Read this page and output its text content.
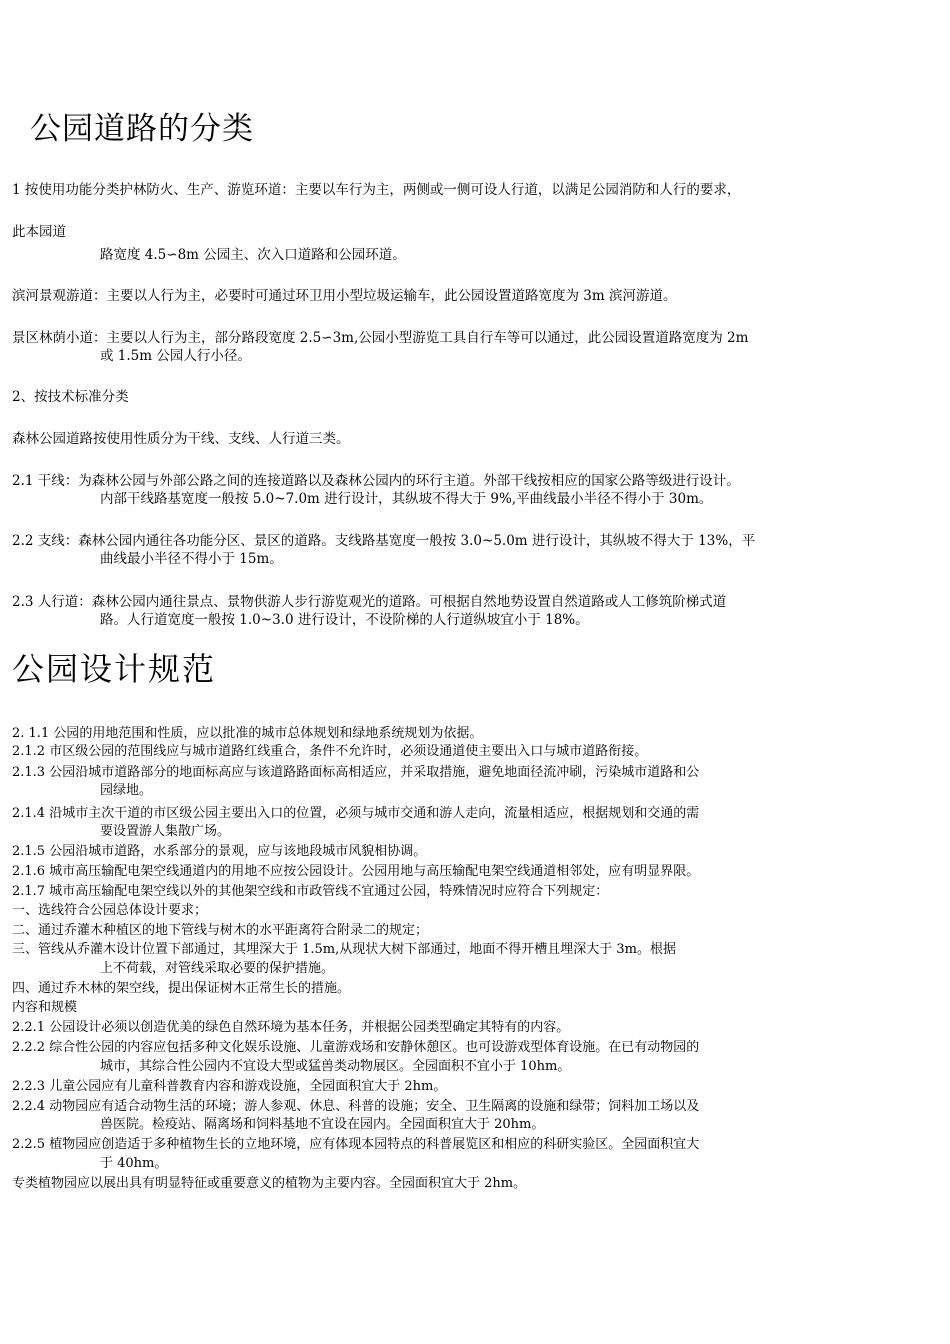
公园道路的分类

1 按使用功能分类护林防火、生产、游览环道：主要以车行为主，两侧或一侧可设人行道，以满足公园消防和人行的要求，

此本园道

路宽度 4.5∽8m 公园主、次入口道路和公园环道。

滨河景观游道：主要以人行为主，必要时可通过环卫用小型垃圾运输车，此公园设置道路宽度为 3m 滨河游道。

景区林荫小道：主要以人行为主，部分路段宽度 2.5∽3m,公园小型游览工具自行车等可以通过，此公园设置道路宽度为 2m

或 1.5m 公园人行小径。

2、按技术标准分类

森林公园道路按使用性质分为干线、支线、人行道三类。

2.1 干线：为森林公园与外部公路之间的连接道路以及森林公园内的环行主道。外部干线按相应的国家公路等级进行设计。

内部干线路基宽度一般按 5.0~7.0m 进行设计，其纵坡不得大于 9%,平曲线最小半径不得小于 30m。

2.2 支线：森林公园内通往各功能分区、景区的道路。支线路基宽度一般按 3.0~5.0m 进行设计，其纵坡不得大于 13%，平

曲线最小半径不得小于 15m。

2.3 人行道：森林公园内通往景点、景物供游人步行游览观光的道路。可根据自然地势设置自然道路或人工修筑阶梯式道

路。人行道宽度一般按 1.0~3.0 进行设计，不设阶梯的人行道纵坡宜小于 18%。

公园设计规范

2. 1.1 公园的用地范围和性质，应以批准的城市总体规划和绿地系统规划为依据。

2.1.2 市区级公园的范围线应与城市道路红线重合，条件不允许时，必须设通道使主要出入口与城市道路衔接。

2.1.3 公园沿城市道路部分的地面标高应与该道路路面标高相适应，并采取措施，避免地面径流冲刷，污染城市道路和公

园绿地。

2.1.4 沿城市主次干道的市区级公园主要出入口的位置，必须与城市交通和游人走向，流量相适应，根据规划和交通的需

要设置游人集散广场。

2.1.5 公园沿城市道路，水系部分的景观，应与该地段城市风貌相协调。

2.1.6 城市高压输配电架空线通道内的用地不应按公园设计。公园用地与高压输配电架空线通道相邻处，应有明显界限。

2.1.7 城市高压输配电架空线以外的其他架空线和市政管线不宜通过公园，特殊情况时应符合下列规定：

一、选线符合公园总体设计要求；

二、通过乔灌木种植区的地下管线与树木的水平距离符合附录二的规定；

三、管线从乔灌木设计位置下部通过，其埋深大于 1.5m,从现状大树下部通过，地面不得开槽且埋深大于 3m。根据

上不荷载，对管线采取必要的保护措施。

四、通过乔木林的架空线，提出保证树木正常生长的措施。

内容和规模

2.2.1 公园设计必须以创造优美的绿色自然环境为基本任务，并根据公园类型确定其特有的内容。

2.2.2 综合性公园的内容应包括多种文化娱乐设施、儿童游戏场和安静休憩区。也可设游戏型体育设施。在已有动物园的

城市，其综合性公园内不宜设大型或猛兽类动物展区。全园面积不宜小于 10hm。

2.2.3 儿童公园应有儿童科普教育内容和游戏设施，全园面积宜大于 2hm。

2.2.4 动物园应有适合动物生活的环境；游人参观、休息、科普的设施；安全、卫生隔离的设施和绿带；饲料加工场以及

兽医院。检疫站、隔离场和饲料基地不宜设在园内。全园面积宜大于 20hm。

2.2.5 植物园应创造适于多种植物生长的立地环境，应有体现本园特点的科普展览区和相应的科研实验区。全园面积宜大

于 40hm。

专类植物园应以展出具有明显特征或重要意义的植物为主要内容。全园面积宜大于 2hm。
